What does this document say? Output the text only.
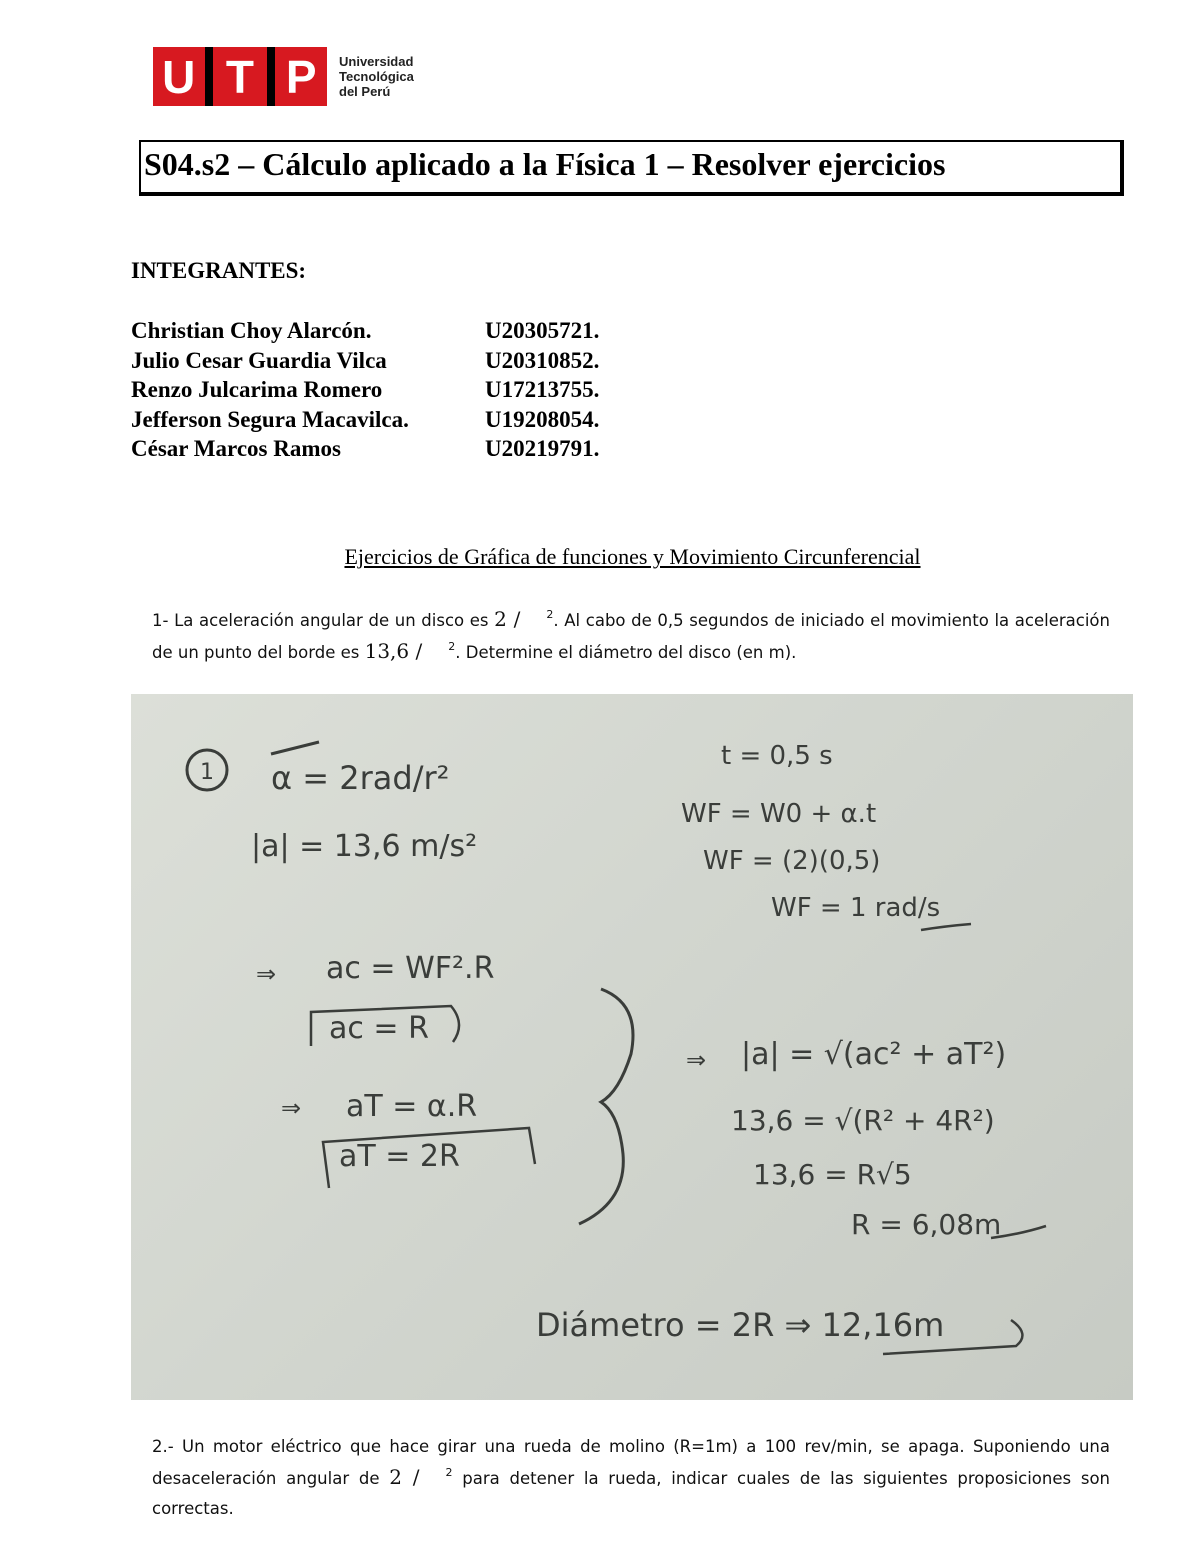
U T P	Universidad
Tecnológica
del Perú
S04.s2 – Cálculo aplicado a la Física 1 – Resolver ejercicios
INTEGRANTES:
Christian Choy Alarcón.	U20305721.
Julio Cesar Guardia Vilca	U20310852.
Renzo Julcarima Romero	U17213755.
Jefferson Segura Macavilca.	U19208054.
César Marcos Ramos	U20219791.
Ejercicios de Gráfica de funciones y Movimiento Circunferencial
1- La aceleración angular de un disco es 2 / $^2$. Al cabo de 0,5 segundos de iniciado el movimiento la aceleración de un punto del borde es 13,6 / $^2$. Determine el diámetro del disco (en m).
1 α = 2rad/r²
|a| = 13,6 m/s²
t = 0,5 s
WF = W0 + α.t
WF = (2)(0,5)
WF = 1 rad/s
⇒ ac = WF².R
ac = R
⇒ aT = α.R
aT = 2R
⇒ |a| = √(ac² + aT²)
13,6 = √(R² + 4R²)
13,6 = R√5
R = 6,08m
Diámetro = 2R ⇒ 12,16m
2.- Un motor eléctrico que hace girar una rueda de molino (R=1m) a 100 rev/min, se apaga. Suponiendo una desaceleración angular de 2 / $^2$ para detener la rueda, indicar cuales de las siguientes proposiciones son correctas.
